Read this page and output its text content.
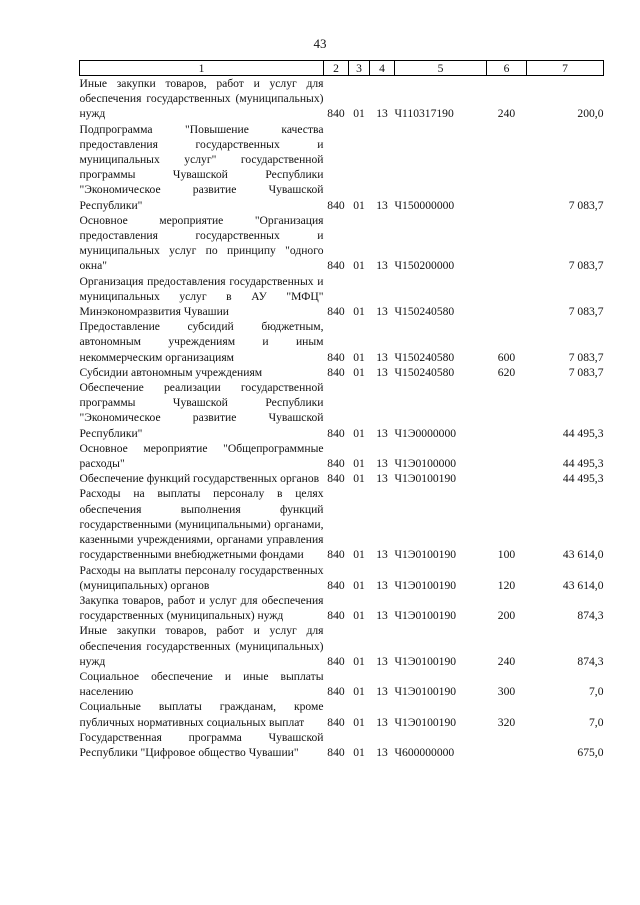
43
1	2	3	4	5	6	7
Иные закупки товаров, работ и услуг для обеспечения государственных (муниципальных) нужд	840	01	13	Ч110317190	240	200,0
Подпрограмма "Повышение качества предоставления государственных и муниципальных услуг" государственной программы Чувашской Республики "Экономическое развитие Чувашской Республики"	840	01	13	Ч150000000		7 083,7
Основное мероприятие "Организация предоставления государственных и муниципальных услуг по принципу "одного окна"	840	01	13	Ч150200000		7 083,7
Организация предоставления государственных и муниципальных услуг в АУ "МФЦ" Минэкономразвития Чувашии	840	01	13	Ч150240580		7 083,7
Предоставление субсидий бюджетным, автономным учреждениям и иным некоммерческим организациям	840	01	13	Ч150240580	600	7 083,7
Субсидии автономным учреждениям	840	01	13	Ч150240580	620	7 083,7
Обеспечение реализации государственной программы Чувашской Республики "Экономическое развитие Чувашской Республики"	840	01	13	Ч1Э0000000		44 495,3
Основное мероприятие "Общепрограммные расходы"	840	01	13	Ч1Э0100000		44 495,3
Обеспечение функций государственных органов	840	01	13	Ч1Э0100190		44 495,3
Расходы на выплаты персоналу в целях обеспечения выполнения функций государственными (муниципальными) органами, казенными учреждениями, органами управления государственными внебюджетными фондами	840	01	13	Ч1Э0100190	100	43 614,0
Расходы на выплаты персоналу государственных (муниципальных) органов	840	01	13	Ч1Э0100190	120	43 614,0
Закупка товаров, работ и услуг для обеспечения государственных (муниципальных) нужд	840	01	13	Ч1Э0100190	200	874,3
Иные закупки товаров, работ и услуг для обеспечения государственных (муниципальных) нужд	840	01	13	Ч1Э0100190	240	874,3
Социальное обеспечение и иные выплаты населению	840	01	13	Ч1Э0100190	300	7,0
Социальные выплаты гражданам, кроме публичных нормативных социальных выплат	840	01	13	Ч1Э0100190	320	7,0
Государственная программа Чувашской Республики "Цифровое общество Чувашии"	840	01	13	Ч600000000		675,0
